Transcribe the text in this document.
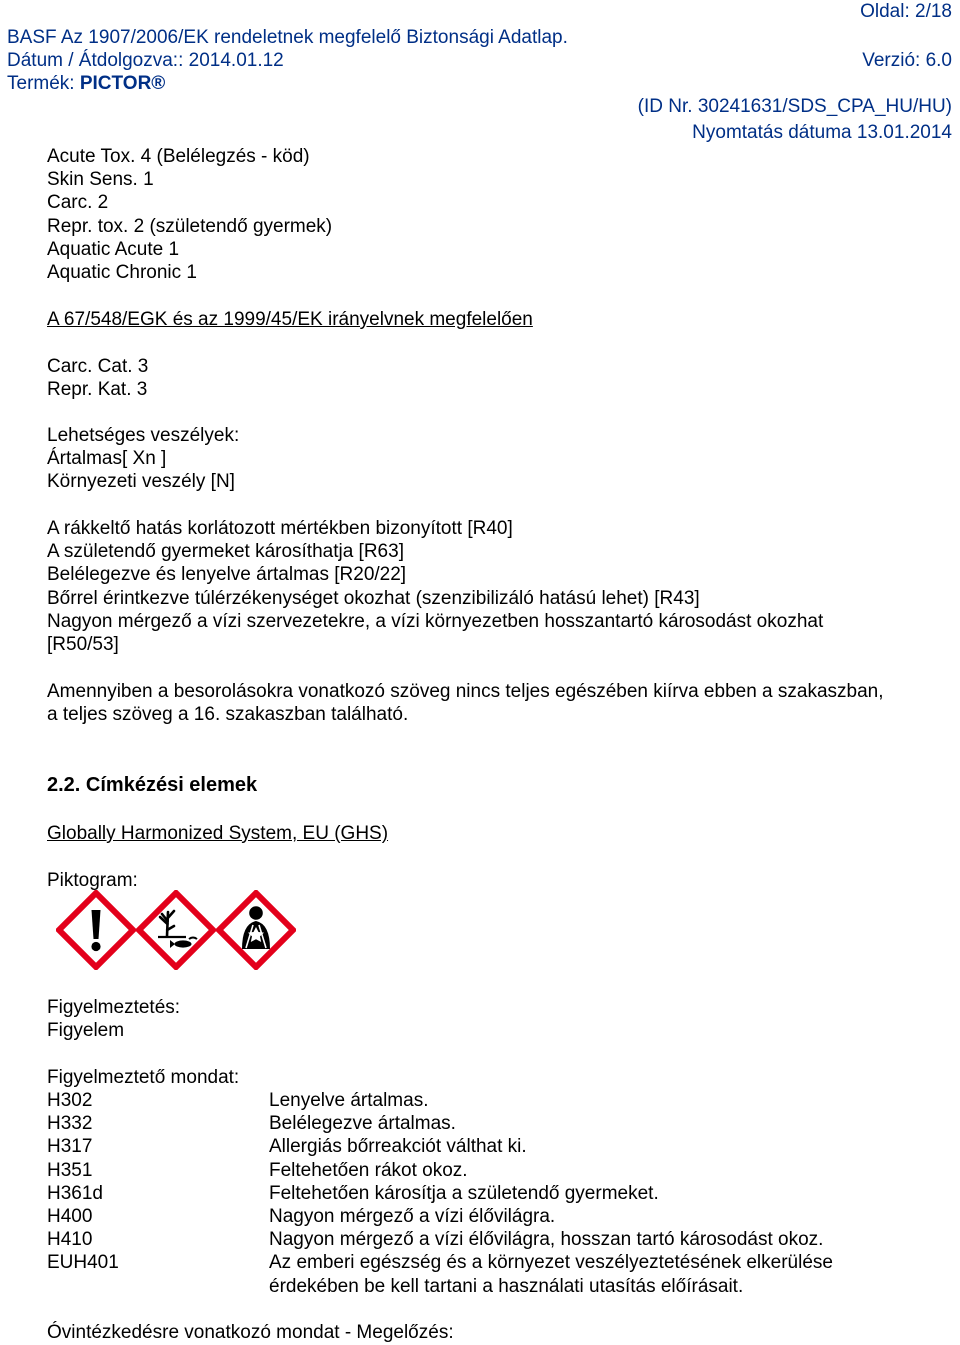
Oldal: 2/18
BASF Az 1907/2006/EK rendeletnek megfelelő Biztonsági Adatlap.
Dátum / Átdolgozva:: 2014.01.12	Verzió: 6.0
Termék: PICTOR®
(ID Nr. 30241631/SDS_CPA_HU/HU)
Nyomtatás dátuma 13.01.2014
Acute Tox. 4 (Belélegzés - köd)
Skin Sens. 1
Carc. 2
Repr. tox. 2 (születendő gyermek)
Aquatic Acute 1
Aquatic Chronic 1
A 67/548/EGK és az 1999/45/EK irányelvnek megfelelően
Carc. Cat. 3
Repr. Kat. 3
Lehetséges veszélyek:
Ártalmas[ Xn ]
Környezeti veszély [N]
A rákkeltő hatás korlátozott mértékben bizonyított [R40]
A születendő gyermeket károsíthatja [R63]
Belélegezve és lenyelve ártalmas [R20/22]
Bőrrel érintkezve túlérzékenységet okozhat (szenzibilizáló hatású lehet) [R43]
Nagyon mérgező a vízi szervezetekre, a vízi környezetben hosszantartó károsodást okozhat
[R50/53]
Amennyiben a besorolásokra vonatkozó szöveg nincs teljes egészében kiírva ebben a szakaszban,
a teljes szöveg a 16. szakaszban található.
2.2. Címkézési elemek
Globally Harmonized System, EU (GHS)
Piktogram:
Figyelmeztetés:
Figyelem
Figyelmeztető mondat:
H302	Lenyelve ártalmas.
H332	Belélegezve ártalmas.
H317	Allergiás bőrreakciót válthat ki.
H351	Feltehetően rákot okoz.
H361d	Feltehetően károsítja a születendő gyermeket.
H400	Nagyon mérgező a vízi élővilágra.
H410	Nagyon mérgező a vízi élővilágra, hosszan tartó károsodást okoz.
EUH401	Az emberi egészség és a környezet veszélyeztetésének elkerülése
érdekében be kell tartani a használati utasítás előírásait.
Óvintézkedésre vonatkozó mondat - Megelőzés:
